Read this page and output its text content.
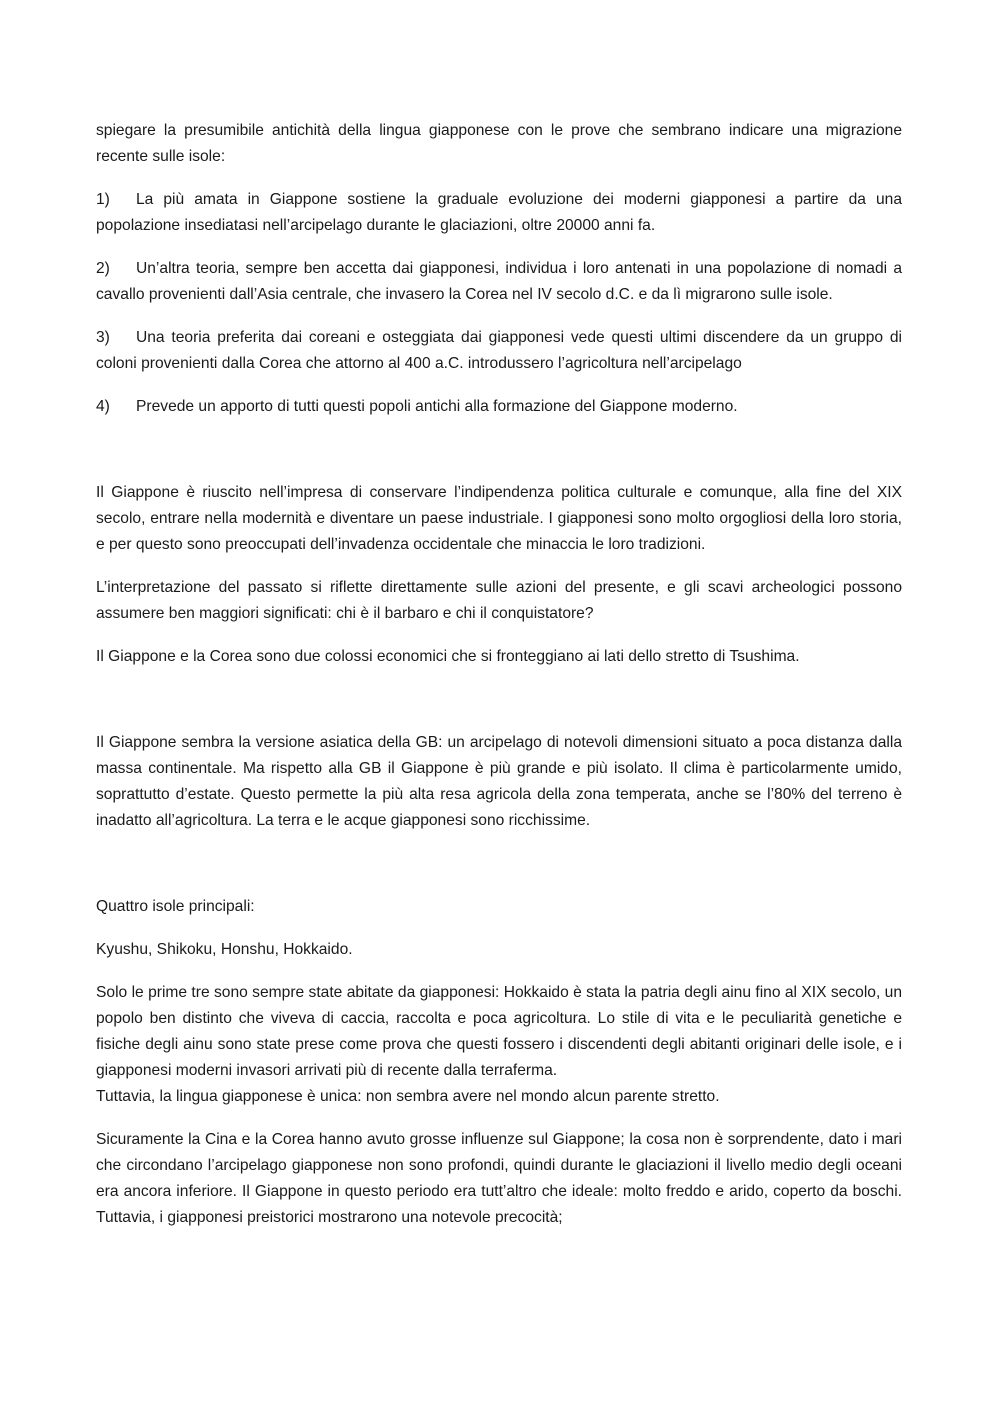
spiegare la presumibile antichità della lingua giapponese con le prove che sembrano indicare una migrazione recente sulle isole:

1) La più amata in Giappone sostiene la graduale evoluzione dei moderni giapponesi a partire da una popolazione insediatasi nell’arcipelago durante le glaciazioni, oltre 20000 anni fa.
2) Un’altra teoria, sempre ben accetta dai giapponesi, individua i loro antenati in una popolazione di nomadi a cavallo provenienti dall’Asia centrale, che invasero la Corea nel IV secolo d.C. e da lì migrarono sulle isole.
3) Una teoria preferita dai coreani e osteggiata dai giapponesi vede questi ultimi discendere da un gruppo di coloni provenienti dalla Corea che attorno al 400 a.C. introdussero l’agricoltura nell’arcipelago
4) Prevede un apporto di tutti questi popoli antichi alla formazione del Giappone moderno.

Il Giappone è riuscito nell’impresa di conservare l’indipendenza politica culturale e comunque, alla fine del XIX secolo, entrare nella modernità e diventare un paese industriale. I giapponesi sono molto orgogliosi della loro storia, e per questo sono preoccupati dell’invadenza occidentale che minaccia le loro tradizioni.

L’interpretazione del passato si riflette direttamente sulle azioni del presente, e gli scavi archeologici possono assumere ben maggiori significati: chi è il barbaro e chi il conquistatore?

Il Giappone e la Corea sono due colossi economici che si fronteggiano ai lati dello stretto di Tsushima.

Il Giappone sembra la versione asiatica della GB: un arcipelago di notevoli dimensioni situato a poca distanza dalla massa continentale. Ma rispetto alla GB il Giappone è più grande e più isolato. Il clima è particolarmente umido, soprattutto d’estate. Questo permette la più alta resa agricola della zona temperata, anche se l’80% del terreno è inadatto all’agricoltura. La terra e le acque giapponesi sono ricchissime.

Quattro isole principali:

Kyushu, Shikoku, Honshu, Hokkaido.

Solo le prime tre sono sempre state abitate da giapponesi: Hokkaido è stata la patria degli ainu fino al XIX secolo, un popolo ben distinto che viveva di caccia, raccolta e poca agricoltura. Lo stile di vita e le peculiarità genetiche e fisiche degli ainu sono state prese come prova che questi fossero i discendenti degli abitanti originari delle isole, e i giapponesi moderni invasori arrivati più di recente dalla terraferma.

Tuttavia, la lingua giapponese è unica: non sembra avere nel mondo alcun parente stretto.

Sicuramente la Cina e la Corea hanno avuto grosse influenze sul Giappone; la cosa non è sorprendente, dato i mari che circondano l’arcipelago giapponese non sono profondi, quindi durante le glaciazioni il livello medio degli oceani era ancora inferiore. Il Giappone in questo periodo era tutt’altro che ideale: molto freddo e arido, coperto da boschi. Tuttavia, i giapponesi preistorici mostrarono una notevole precocità;
